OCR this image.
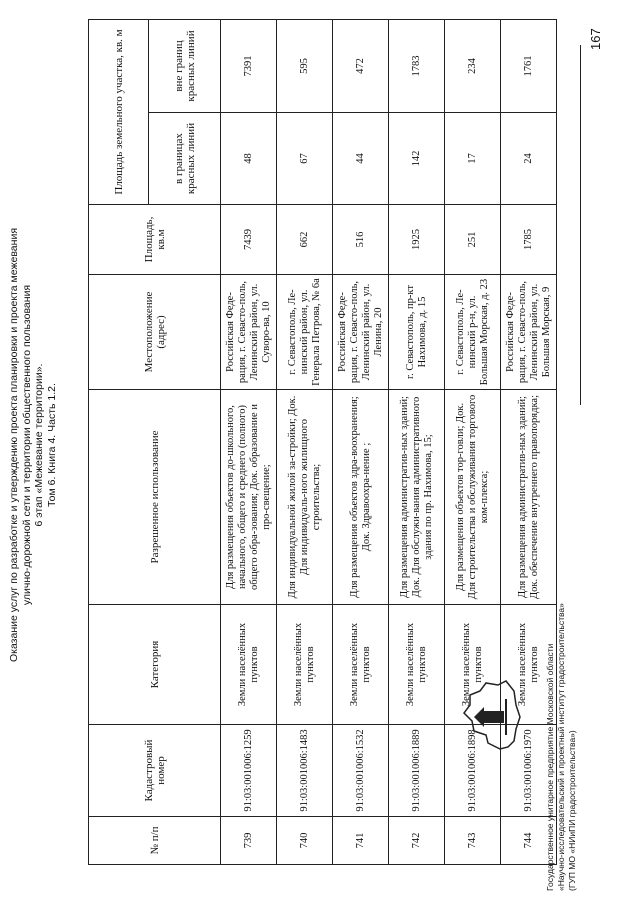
Оказание услуг по разработке и утверждению проекта планировки и проекта межевания улично-дорожной сети и территории общественного пользования 6 этап «Межевание территории». Том 6. Книга 4. Часть 1.2.
№ п/п	Кадастровый номер	Категория	Разрешенное использование	Местоположение (адрес)	Площадь, кв.м	Площадь земельного участка, кв. м	
						в границах красных линий	вне границ красных линий
739	91:03:001006:1259	Земли населённых пунктов	Для размещения объектов до-школьного, начального, общего и среднего (полного) общего обра-зования; Док. образование и про-свещение;	Российская Феде-рация, г. Севасто-поль, Ленинский район, ул. Суворо-ва, 10	7439	48	7391
740	91:03:001006:1483	Земли населённых пунктов	Для индивидуальной жилой за-стройки; Док. Для индивидуаль-ного жилищного строительства;	г. Севастополь, Ле-нинский район, ул. Генерала Петрова, № 6а	662	67	595
741	91:03:001006:1532	Земли населённых пунктов	Для размещения объектов здра-воохранения; Док. Здравоохра-нение ;	Российская Феде-рация, г. Севасто-поль, Ленинский район, ул. Ленина, 20	516	44	472
742	91:03:001006:1889	Земли населённых пунктов	Для размещения административ-ных зданий; Док. Для обслужи-вания административного здания по пр. Нахимова, 15;	г. Севастополь, пр-кт Нахимова, д. 15	1925	142	1783
743	91:03:001006:1898	Земли населённых пунктов	Для размещения объектов тор-говли; Док. Для строительства и обслуживания торгового ком-плекса;	г. Севастополь, Ле-нинский р-н, ул. Большая Морская, д. 23	251	17	234
744	91:03:001006:1970	Земли населённых пунктов	Для размещения административ-ных зданий; Док. обеспечение внутреннего правопорядка;	Российская Феде-рация, г. Севасто-поль, Ленинский район, ул. Большая Морская, 9	1785	24	1761
Государственное унитарное предприятие Московской области «Научно-исследовательский и проектный институт градостроительства» (ГУП МО «НИиПИ градостроительства»)
167
